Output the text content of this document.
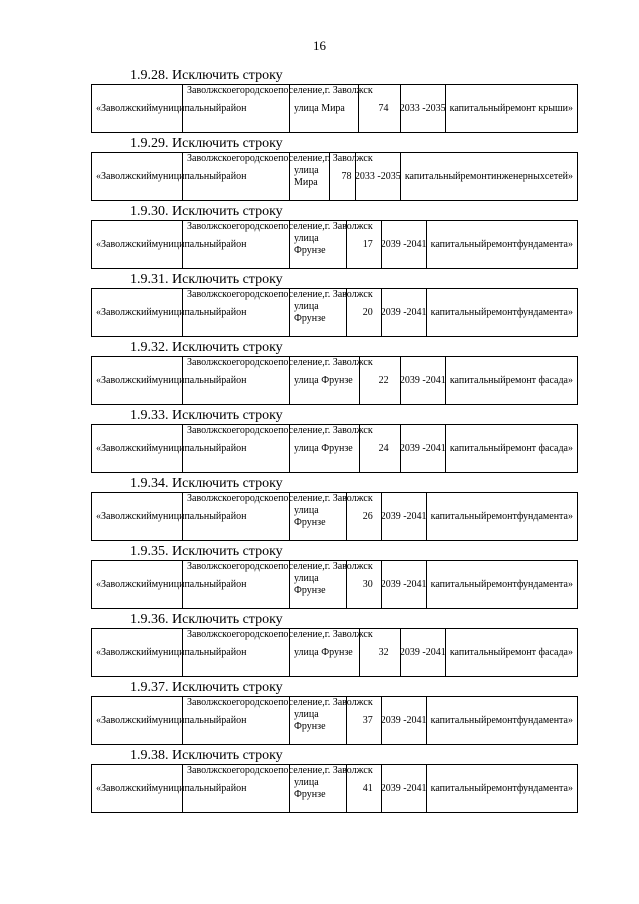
16
1.9.28. Исключить строку
«Заволжский муниципальный район
Заволжское городское поселение, г. Заволжск
улица Мира	74	2033 - 2035 капитальный ремонт крыши»
1.9.29. Исключить строку
«Заволжский муниципальный район
Заволжское городское поселение, г. Заволжск
улица Мира
78 2033 - 2035 капитальный ремонт инженерных сетей»
1.9.30. Исключить строку
«Заволжский муниципальный район
Заволжское городское поселение, г. Заволжск
улица Фрунзе
17 2039 - 2041 капитальный ремонт фундамента»
1.9.31. Исключить строку
«Заволжский муниципальный район
Заволжское городское поселение, г. Заволжск
улица Фрунзе
20 2039 - 2041 капитальный ремонт фундамента»
1.9.32. Исключить строку
«Заволжский муниципальный район
Заволжское городское поселение, г. Заволжск
улица Фрунзе	22	2039 - 2041 капитальный ремонт фасада»
1.9.33. Исключить строку
«Заволжский муниципальный район
Заволжское городское поселение, г. Заволжск
улица Фрунзе	24	2039 - 2041 капитальный ремонт фасада»
1.9.34. Исключить строку
«Заволжский муниципальный район
Заволжское городское поселение, г. Заволжск
улица Фрунзе
26 2039 - 2041 капитальный ремонт фундамента»
1.9.35. Исключить строку
«Заволжский муниципальный район
Заволжское городское поселение, г. Заволжск
улица Фрунзе
30 2039 - 2041 капитальный ремонт фундамента»
1.9.36. Исключить строку
«Заволжский муниципальный район
Заволжское городское поселение, г. Заволжск
улица Фрунзе	32	2039 - 2041 капитальный ремонт фасада»
1.9.37. Исключить строку
«Заволжский муниципальный район
Заволжское городское поселение, г. Заволжск
улица Фрунзе
37 2039 - 2041 капитальный ремонт фундамента»
1.9.38. Исключить строку
«Заволжский муниципальный район
Заволжское городское поселение, г. Заволжск
улица Фрунзе
41 2039 - 2041 капитальный ремонт фундамента»
